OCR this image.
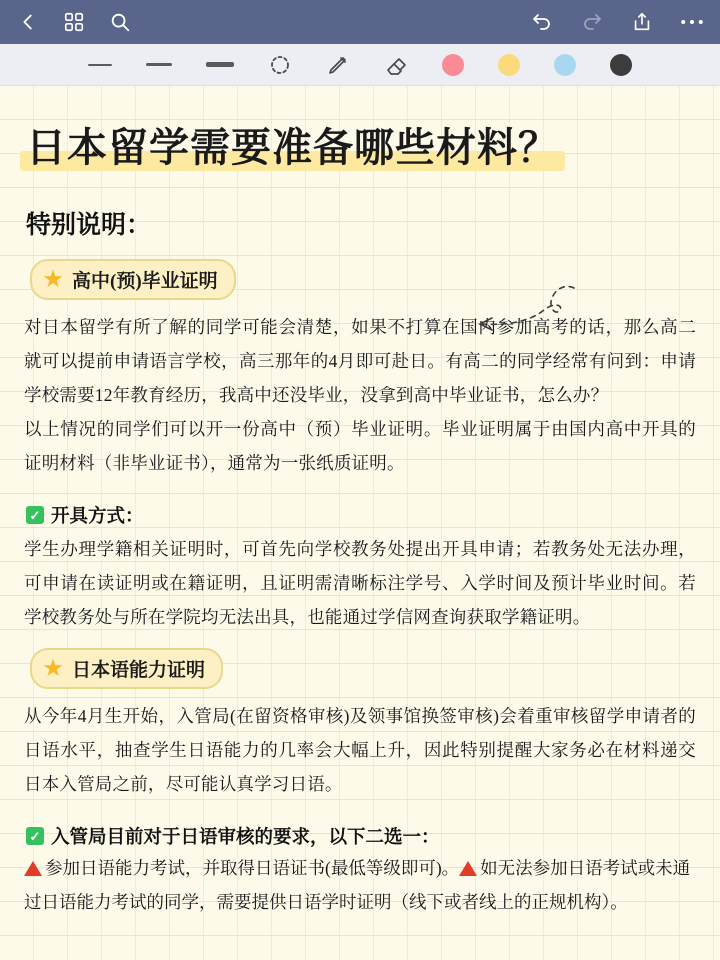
日本留学需要准备哪些材料？
特别说明：
★ 高中(预)毕业证明

对日本留学有所了解的同学可能会清楚，如果不打算在国内参加高考的话，那么高二就可以提前申请语言学校，高三那年的4月即可赴日。有高二的同学经常有问到：申请学校需要12年教育经历，我高中还没毕业，没拿到高中毕业证书，怎么办？

以上情况的同学们可以开一份高中（预）毕业证明。毕业证明属于由国内高中开具的证明材料（非毕业证书），通常为一张纸质证明。

✓ 开具方式：

学生办理学籍相关证明时，可首先向学校教务处提出开具申请；若教务处无法办理，可申请在读证明或在籍证明，且证明需清晰标注学号、入学时间及预计毕业时间。若学校教务处与所在学院均无法出具，也能通过学信网查询获取学籍证明。

★ 日本语能力证明

从今年4月生开始，入管局(在留资格审核)及领事馆换签审核)会着重审核留学申请者的日语水平，抽查学生日语能力的几率会大幅上升，因此特别提醒大家务必在材料递交日本入管局之前，尽可能认真学习日语。

✓ 入管局目前对于日语审核的要求，以下二选一：

参加日语能力考试，并取得日语证书(最低等级即可)。 如无法参加日语考试或未通过日语能力考试的同学，需要提供日语学时证明（线下或者线上的正规机构）。
